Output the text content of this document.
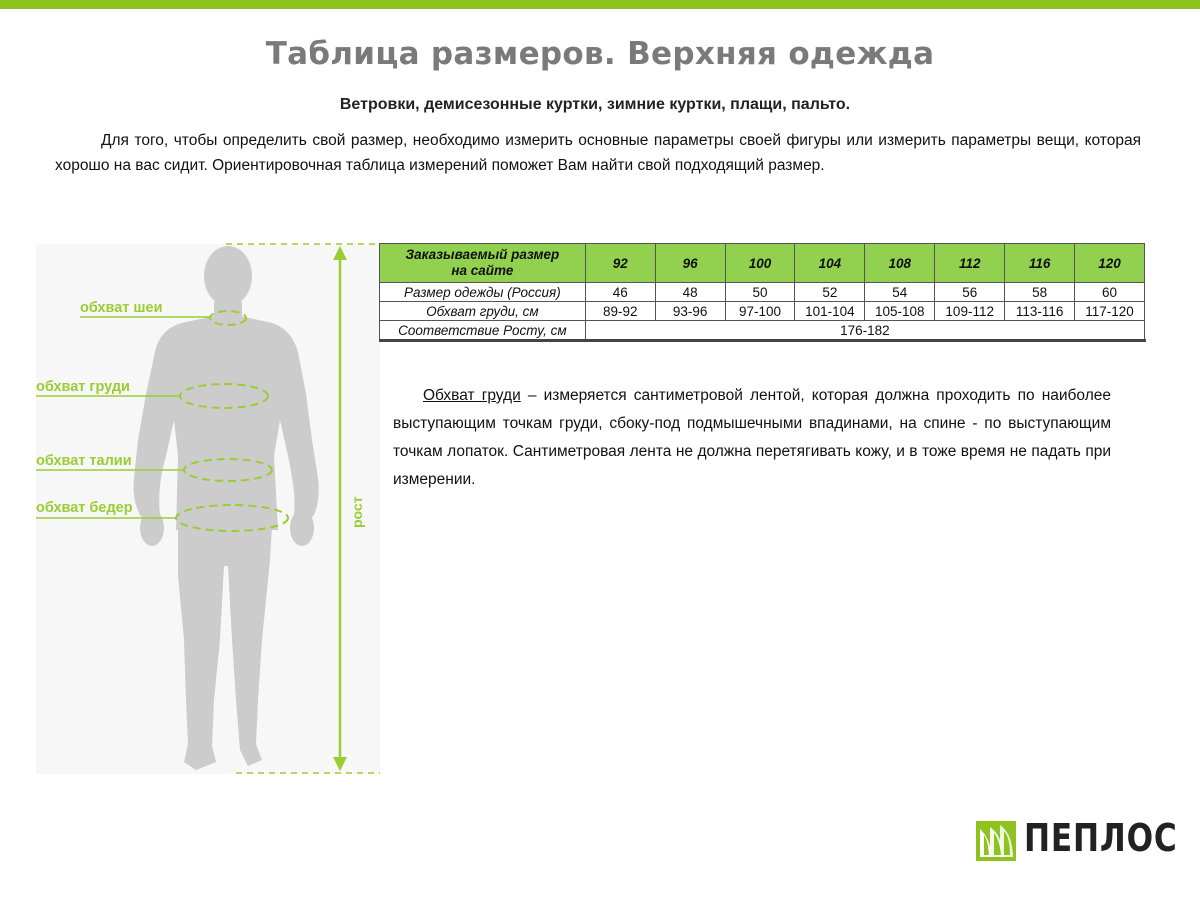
Таблица размеров. Верхняя одежда
Ветровки, демисезонные куртки, зимние куртки, плащи, пальто.

Для того, чтобы определить свой размер, необходимо измерить основные параметры своей фигуры или измерить параметры вещи, которая хорошо на вас сидит. Ориентировочная таблица измерений поможет Вам найти свой подходящий размер.

обхват шеи
обхват груди
обхват талии
обхват бедер	рост
Заказываемый размер
на сайте	92	96	100	104	108	112	116	120
Размер одежды (Россия)	46	48	50	52	54	56	58	60
Обхват груди, см	89-92	93-96	97-100	101-104	105-108	109-112	113-116	117-120
Соответствие Росту, см	176-182							

Обхват груди – измеряется сантиметровой лентой, которая должна проходить по наиболее выступающим точкам груди, сбоку-под подмышечными впадинами, на спине - по выступающим точкам лопаток. Сантиметровая лента не должна перетягивать кожу, и в тоже время не падать при измерении.

ПЕПЛОС
